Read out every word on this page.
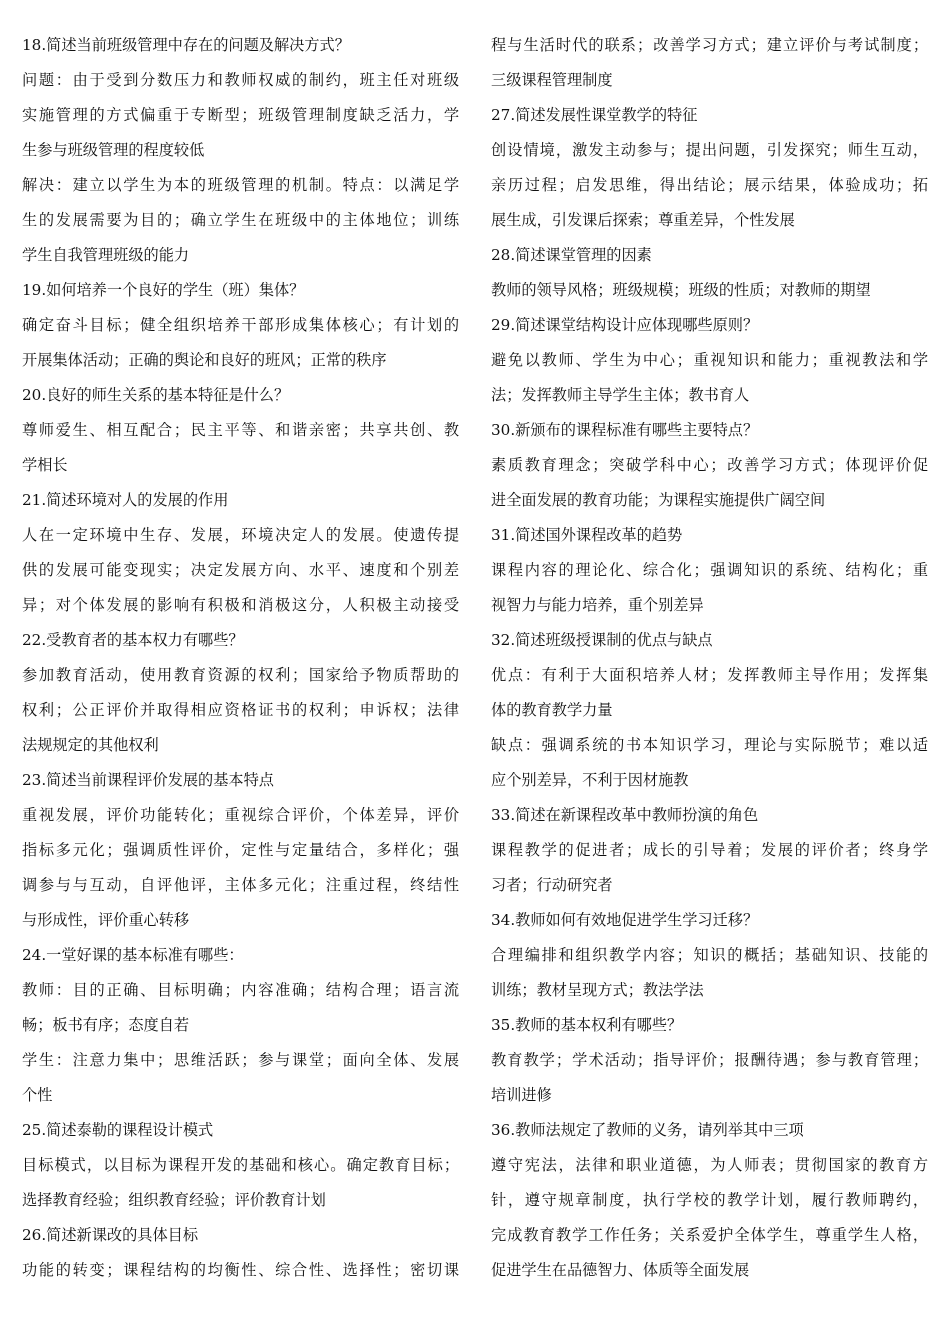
18.简述当前班级管理中存在的问题及解决方式？
问题：由于受到分数压力和教师权威的制约，班主任对班级
实施管理的方式偏重于专断型；班级管理制度缺乏活力，学
生参与班级管理的程度较低
解决：建立以学生为本的班级管理的机制。特点：以满足学
生的发展需要为目的；确立学生在班级中的主体地位；训练
学生自我管理班级的能力
19.如何培养一个良好的学生（班）集体？
确定奋斗目标；健全组织培养干部形成集体核心；有计划的
开展集体活动；正确的舆论和良好的班风；正常的秩序
20.良好的师生关系的基本特征是什么？
尊师爱生、相互配合；民主平等、和谐亲密；共享共创、教
学相长
21.简述环境对人的发展的作用
人在一定环境中生存、发展，环境决定人的发展。使遗传提
供的发展可能变现实；决定发展方向、水平、速度和个别差
异；对个体发展的影响有积极和消极这分，人积极主动接受
22.受教育者的基本权力有哪些？
参加教育活动，使用教育资源的权利；国家给予物质帮助的
权利；公正评价并取得相应资格证书的权利；申诉权；法律
法规规定的其他权利
23.简述当前课程评价发展的基本特点
重视发展，评价功能转化；重视综合评价，个体差异，评价
指标多元化；强调质性评价，定性与定量结合，多样化；强
调参与与互动，自评他评，主体多元化；注重过程，终结性
与形成性，评价重心转移
24.一堂好课的基本标准有哪些：
教师：目的正确、目标明确；内容准确；结构合理；语言流
畅；板书有序；态度自若
学生：注意力集中；思维活跃；参与课堂；面向全体、发展
个性
25.简述泰勒的课程设计模式
目标模式，以目标为课程开发的基础和核心。确定教育目标；
选择教育经验；组织教育经验；评价教育计划
26.简述新课改的具体目标
功能的转变；课程结构的均衡性、综合性、选择性；密切课
程与生活时代的联系；改善学习方式；建立评价与考试制度；
三级课程管理制度
27.简述发展性课堂教学的特征
创设情境，激发主动参与；提出问题，引发探究；师生互动，
亲历过程；启发思维，得出结论；展示结果，体验成功；拓
展生成，引发课后探索；尊重差异，个性发展
28.简述课堂管理的因素
教师的领导风格；班级规模；班级的性质；对教师的期望
29.简述课堂结构设计应体现哪些原则？
避免以教师、学生为中心；重视知识和能力；重视教法和学
法；发挥教师主导学生主体；教书育人
30.新颁布的课程标准有哪些主要特点？
素质教育理念；突破学科中心；改善学习方式；体现评价促
进全面发展的教育功能；为课程实施提供广阔空间
31.简述国外课程改革的趋势
课程内容的理论化、综合化；强调知识的系统、结构化；重
视智力与能力培养，重个别差异
32.简述班级授课制的优点与缺点
优点：有利于大面积培养人材；发挥教师主导作用；发挥集
体的教育教学力量
缺点：强调系统的书本知识学习，理论与实际脱节；难以适
应个别差异，不利于因材施教
33.简述在新课程改革中教师扮演的角色
课程教学的促进者；成长的引导着；发展的评价者；终身学
习者；行动研究者
34.教师如何有效地促进学生学习迁移？
合理编排和组织教学内容；知识的概括；基础知识、技能的
训练；教材呈现方式；教法学法
35.教师的基本权利有哪些？
教育教学；学术活动；指导评价；报酬待遇；参与教育管理；
培训进修
36.教师法规定了教师的义务，请列举其中三项
遵守宪法，法律和职业道德，为人师表；贯彻国家的教育方
针，遵守规章制度，执行学校的教学计划，履行教师聘约，
完成教育教学工作任务；关系爱护全体学生，尊重学生人格，
促进学生在品德智力、体质等全面发展
